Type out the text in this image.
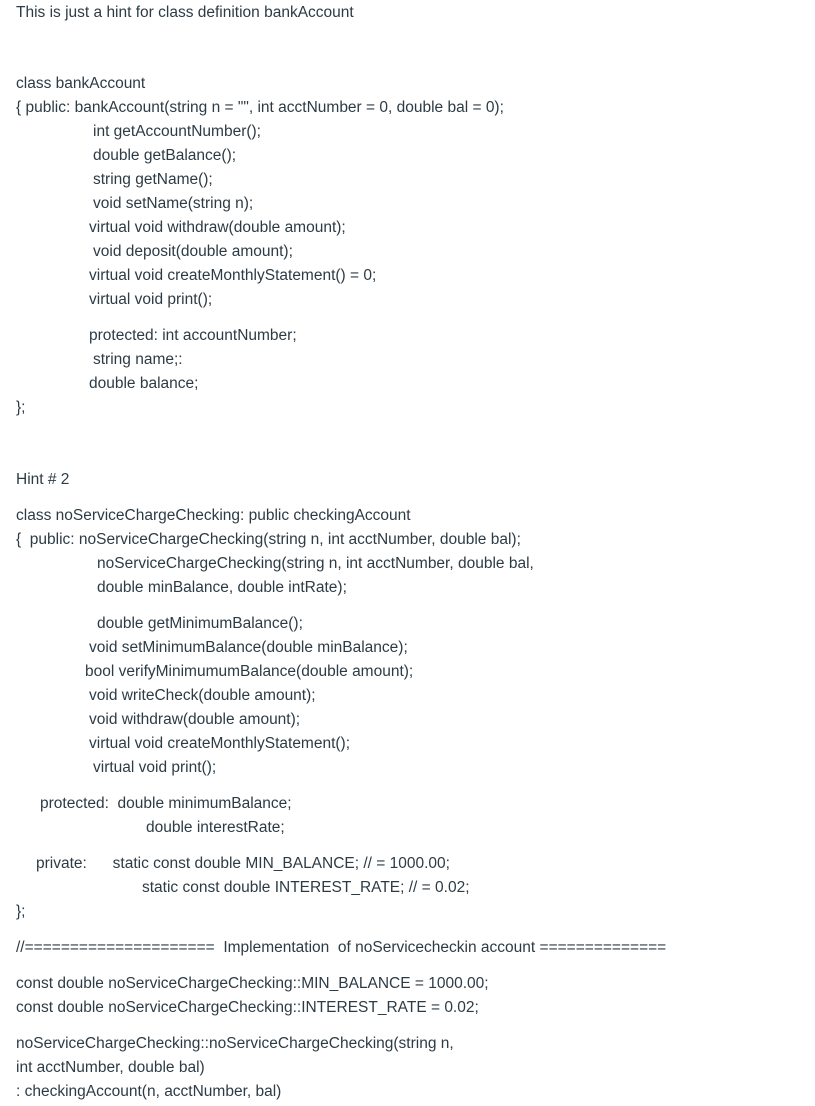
This is just a hint for class definition bankAccount
class bankAccount
{ public: bankAccount(string n = "", int acctNumber = 0, double bal = 0);
int getAccountNumber();
double getBalance();
string getName();
void setName(string n);
virtual void withdraw(double amount);
void deposit(double amount);
virtual void createMonthlyStatement() = 0;
virtual void print();
protected: int accountNumber;
string name;:
double balance;
};
Hint # 2
class noServiceChargeChecking: public checkingAccount
{  public: noServiceChargeChecking(string n, int acctNumber, double bal);
noServiceChargeChecking(string n, int acctNumber, double bal,
double minBalance, double intRate);
double getMinimumBalance();
void setMinimumBalance(double minBalance);
bool verifyMinimumumBalance(double amount);
void writeCheck(double amount);
void withdraw(double amount);
virtual void createMonthlyStatement();
virtual void print();
protected:  double minimumBalance;
double interestRate;
private:      static const double MIN_BALANCE; // = 1000.00;
static const double INTEREST_RATE; // = 0.02;
};
//=====================  Implementation  of noServicecheckin account ==============
const double noServiceChargeChecking::MIN_BALANCE = 1000.00;
const double noServiceChargeChecking::INTEREST_RATE = 0.02;
noServiceChargeChecking::noServiceChargeChecking(string n,
int acctNumber, double bal)
: checkingAccount(n, acctNumber, bal)
